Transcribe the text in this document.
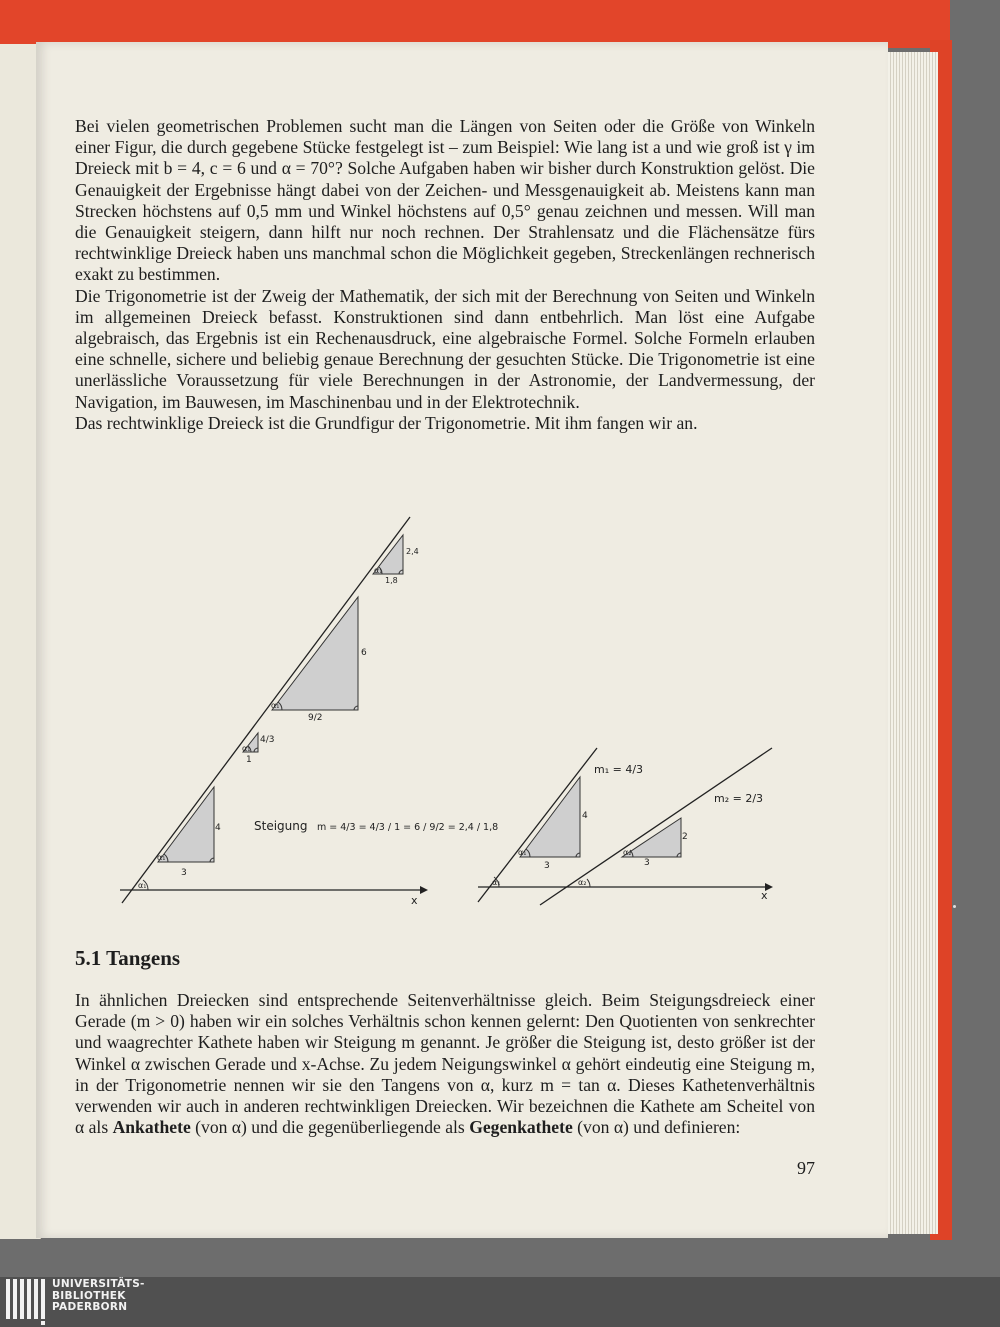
Bei vielen geometrischen Problemen sucht man die Längen von Seiten oder die Größe von Winkeln einer Figur, die durch gegebene Stücke festgelegt ist – zum Beispiel: Wie lang ist a und wie groß ist γ im Dreieck mit b = 4, c = 6 und α = 70°? Solche Aufgaben haben wir bisher durch Konstruktion gelöst. Die Genauigkeit der Ergebnisse hängt dabei von der Zeichen- und Messgenauigkeit ab. Meistens kann man Strecken höchstens auf 0,5 mm und Winkel höchstens auf 0,5° genau zeichnen und messen. Will man die Genauigkeit steigern, dann hilft nur noch rechnen. Der Strahlensatz und die Flächensätze fürs rechtwinklige Dreieck haben uns manchmal schon die Möglichkeit gegeben, Streckenlängen rechnerisch exakt zu bestimmen.

Die Trigonometrie ist der Zweig der Mathematik, der sich mit der Berechnung von Seiten und Winkeln im allgemeinen Dreieck befasst. Konstruktionen sind dann entbehrlich. Man löst eine Aufgabe algebraisch, das Ergebnis ist ein Rechenausdruck, eine algebraische Formel. Solche Formeln erlauben eine schnelle, sichere und beliebig genaue Berechnung der gesuchten Stücke. Die Trigonometrie ist eine unerlässliche Voraussetzung für viele Berechnungen in der Astronomie, der Landvermessung, der Navigation, im Bauwesen, im Maschinenbau und in der Elektrotechnik.

Das rechtwinklige Dreieck ist die Grundfigur der Trigonometrie. Mit ihm fangen wir an.

3
4
α₁
1
4/3
α₁
9/2
6
α₁
1,8
2,4
α₁
α₁
x
Steigung m = 4/3 = 4/3 / 1 = 6 / 9/2 = 2,4 / 1,8
m₁ = 4/3
m₂ = 2/3
3
4
α₁
3
2
α₂
α₁	α₂
x
5.1 Tangens

In ähnlichen Dreiecken sind entsprechende Seitenverhältnisse gleich. Beim Steigungsdreieck einer Gerade (m > 0) haben wir ein solches Verhältnis schon kennen gelernt: Den Quotienten von senkrechter und waagrechter Kathete haben wir Steigung m genannt. Je größer die Steigung ist, desto größer ist der Winkel α zwischen Gerade und x-Achse. Zu jedem Neigungswinkel α gehört eindeutig eine Steigung m, in der Trigonometrie nennen wir sie den Tangens von α, kurz m = tan α. Dieses Kathetenverhältnis verwenden wir auch in anderen rechtwinkligen Dreiecken. Wir bezeichnen die Kathete am Scheitel von α als Ankathete (von α) und die gegenüberliegende als Gegenkathete (von α) und definieren:

97
UNIVERSITÄTS-
BIBLIOTHEK
PADERBORN
